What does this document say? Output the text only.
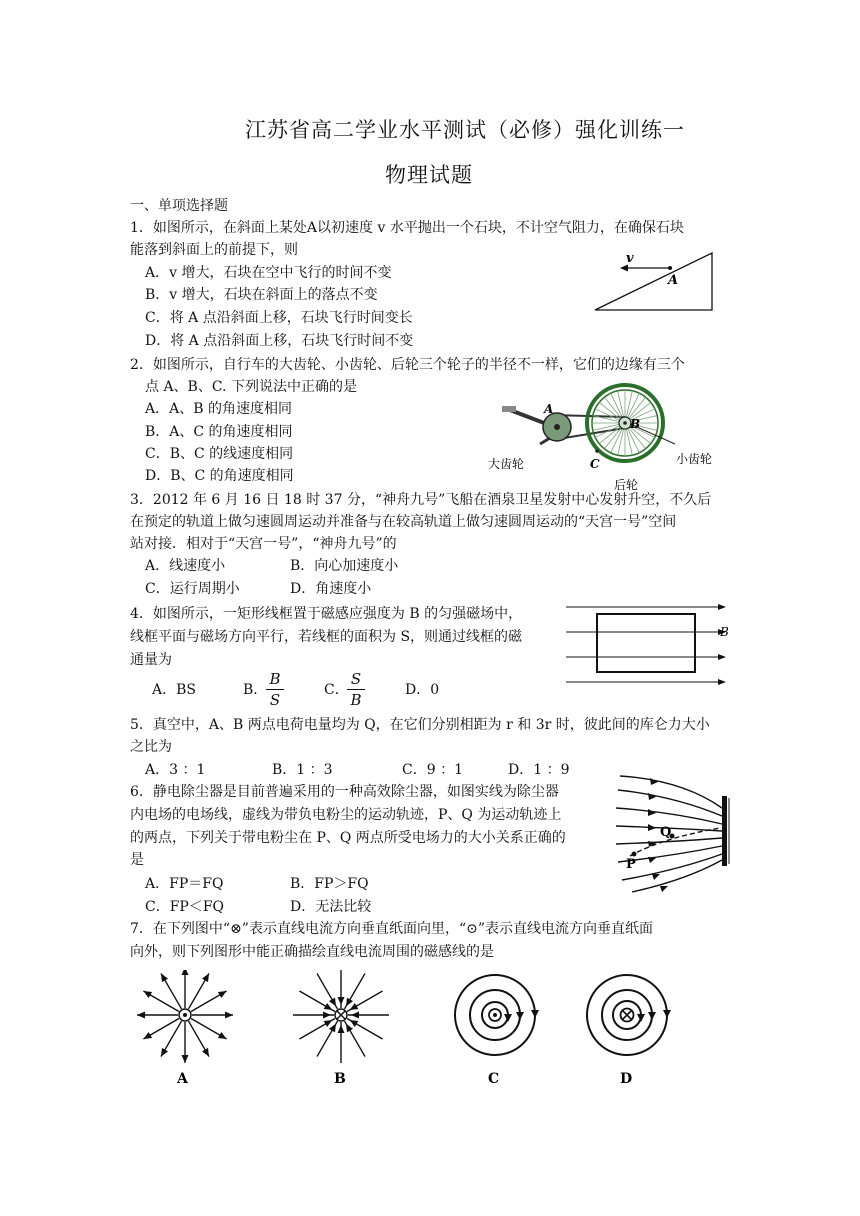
江苏省高二学业水平测试（必修）强化训练一
物理试题
一、单项选择题
1．如图所示，在斜面上某处A以初速度 v 水平抛出一个石块，不计空气阻力，在确保石块
能落到斜面上的前提下，则
A．v 增大，石块在空中飞行的时间不变
B．v 增大，石块在斜面上的落点不变
C．将 A 点沿斜面上移，石块飞行时间变长
D．将 A 点沿斜面上移，石块飞行时间不变
v
A
2．如图所示，自行车的大齿轮、小齿轮、后轮三个轮子的半径不一样，它们的边缘有三个
点 A、B、C. 下列说法中正确的是
A．A、B 的角速度相同
B．A、C 的角速度相同
C．B、C 的线速度相同
D．B、C 的角速度相同
A
B
C
大齿轮	小齿轮
后轮
3．2012 年 6 月 16 日 18 时 37 分，“神舟九号”飞船在酒泉卫星发射中心发射升空，不久后
在预定的轨道上做匀速圆周运动并准备与在较高轨道上做匀速圆周运动的“天宫一号”空间
站对接．相对于“天宫一号”，“神舟九号”的
A．线速度小	B．向心加速度小
C．运行周期小	D．角速度小
4．如图所示，一矩形线框置于磁感应强度为 B 的匀强磁场中，
线框平面与磁场方向平行，若线框的面积为 S，则通过线框的磁
通量为
A．BS	B．
B
S
C．
S
B
D．0
B
5．真空中，A、B 两点电荷电量均为 Q，在它们分别相距为 r 和 3r 时，彼此间的库仑力大小
之比为
A．3 ：1	B．1 ：3	C．9 ：1	D．1 ：9
6．静电除尘器是目前普遍采用的一种高效除尘器，如图实线为除尘器
内电场的电场线，虚线为带负电粉尘的运动轨迹，P、Q 为运动轨迹上
的两点，下列关于带电粉尘在 P、Q 两点所受电场力的大小关系正确的
是
A．FP＝FQ	B．FP＞FQ
C．FP＜FQ	D．无法比较
P
Q
7．在下列图中“⊗”表示直线电流方向垂直纸面向里，“⊙”表示直线电流方向垂直纸面
向外，则下列图形中能正确描绘直线电流周围的磁感线的是
A	B	C	D
